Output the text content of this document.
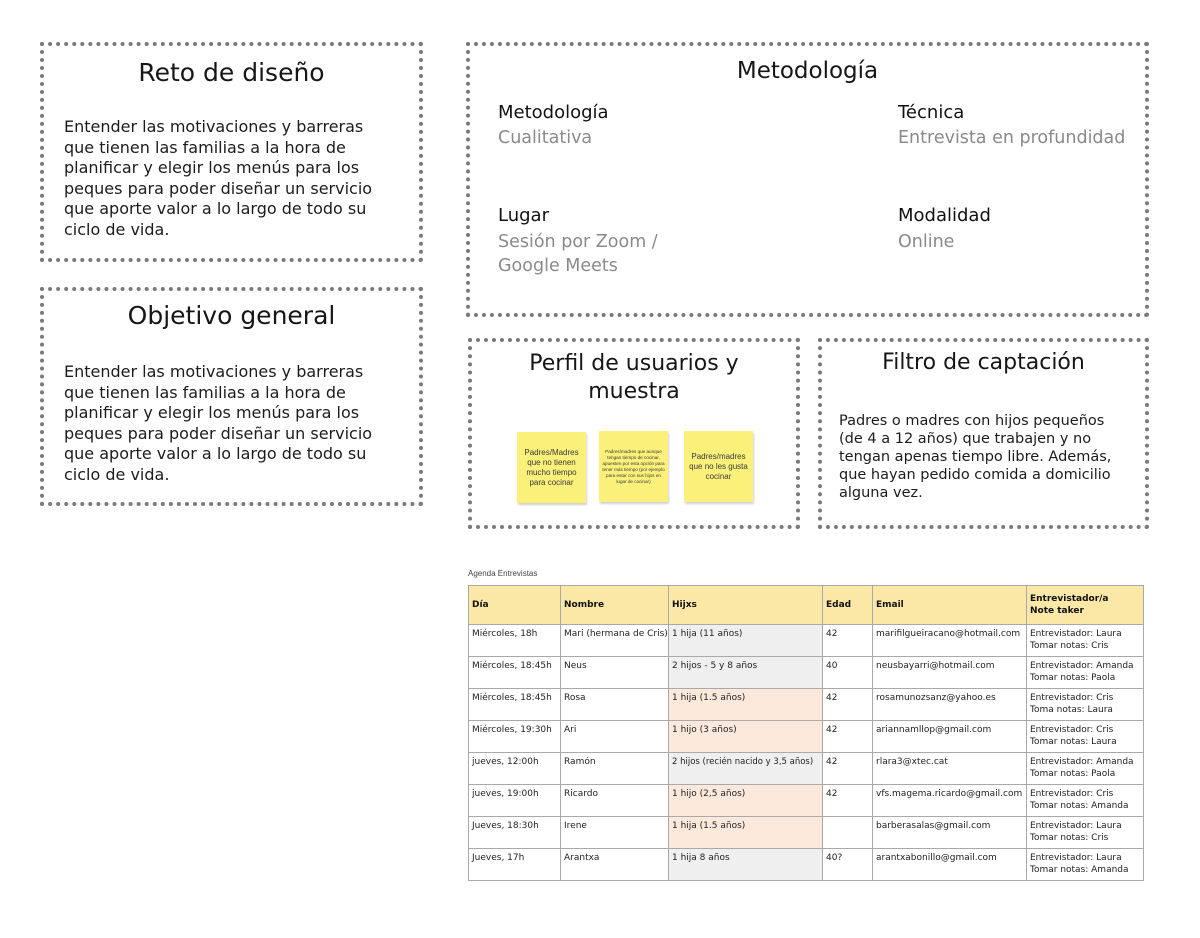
Reto de diseño
Entender las motivaciones y barreras que tienen las familias a la hora de planificar y elegir los menús para los peques para poder diseñar un servicio que aporte valor a lo largo de todo su ciclo de vida.
Objetivo general
Entender las motivaciones y barreras que tienen las familias a la hora de planificar y elegir los menús para los peques para poder diseñar un servicio que aporte valor a lo largo de todo su ciclo de vida.
Metodología
Metodología
Cualitativa
Técnica
Entrevista en profundidad
Lugar
Sesión por Zoom / Google Meets
Modalidad
Online
Perfil de usuarios y muestra
Padres/Madres que no tienen mucho tiempo para cocinar
Padres/madres que aunque tengan tiempo de cocinar, apuesten por esta opción para tener más tiempo (por ejemplo para estar con sus hijos en lugar de cocinar)
Padres/madres que no les gusta cocinar
Filtro de captación
Padres o madres con hijos pequeños (de 4 a 12 años) que trabajen y no tengan apenas tiempo libre. Además, que hayan pedido comida a domicilio alguna vez.
Agenda Entrevistas
Día	Nombre	Hijxs	Edad	Email	Entrevistador/a
Note taker

Miércoles, 18h	Mari (hermana de Cris)	1 hija (11 años)	42	marifilgueiracano@hotmail.com	Entrevistador: Laura
Tomar notas: Cris

Miércoles, 18:45h	Neus	2 hijos - 5 y 8 años	40	neusbayarri@hotmail.com	Entrevistador: Amanda
Tomar notas: Paola

Miércoles, 18:45h	Rosa	1 hija (1.5 años)	42	rosamunozsanz@yahoo.es	Entrevistador: Cris
Toma notas: Laura

Miércoles, 19:30h	Ari	1 hijo (3 años)	42	ariannamllop@gmail.com	Entrevistador: Cris
Tomar notas: Laura

jueves, 12:00h	Ramón	2 hijos (recién nacido y 3,5 años)	42	rlara3@xtec.cat	Entrevistador: Amanda
Tomar notas: Paola

jueves, 19:00h	Ricardo	1 hijo (2,5 años)	42	vfs.magema.ricardo@gmail.com	Entrevistador: Cris
Tomar notas: Amanda

Jueves, 18:30h	Irene	1 hija (1.5 años)		barberasalas@gmail.com	Entrevistador: Laura
Tomar notas: Cris

Jueves, 17h	Arantxa	1 hija 8 años	40?	arantxabonillo@gmail.com	Entrevistador: Laura
Tomar notas: Amanda
